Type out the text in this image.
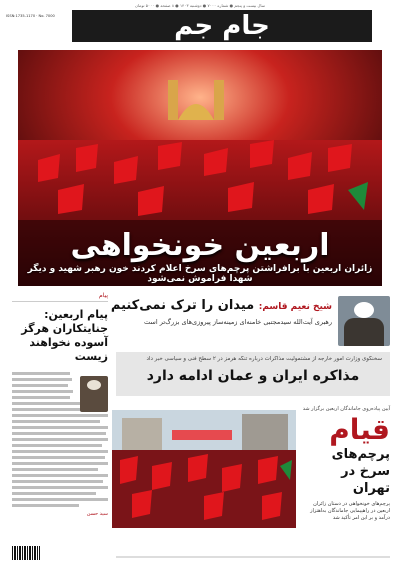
سال بیست و پنجم ● شماره ۷۰۰۰ ● دوشنبه ۱۴۰۳ ● ۸ صفحه ● ۵۰۰۰ تومان
ISSN:1735-1170 · No. 7000	جام جم
اربعین خونخواهی
زائران اربعین با برافراشتن پرچم‌های سرخ اعلام کردند خون رهبر شهید و دیگر شهدا فراموش نمی‌شود
پیام
پیام اربعین: جنایتکاران هرگز آسوده نخواهند زیست
سید حسن
شیخ نعیم قاسم: میدان را ترک نمی‌کنیم
رهبری آیت‌الله سیدمجتبی خامنه‌ای زمینه‌ساز پیروزی‌های بزرگ‌تر است
سخنگوی وزارت امور خارجه از مشتمولیت مذاکرات درباره تنگه هرمز در ۲ سطح فنی و سیاسی خبر داد
مذاکره ایران و عمان ادامه دارد
آیین پیاده‌روی جاماندگان اربعین برگزار شد
قیام
پرچم‌های سرخ در تهران
پرچم‌های خونخواهی در دستان زائران اربعین در راهپیمایی جاماندگان به‌اهتزاز درآمد و بر این امر تأکید شد
